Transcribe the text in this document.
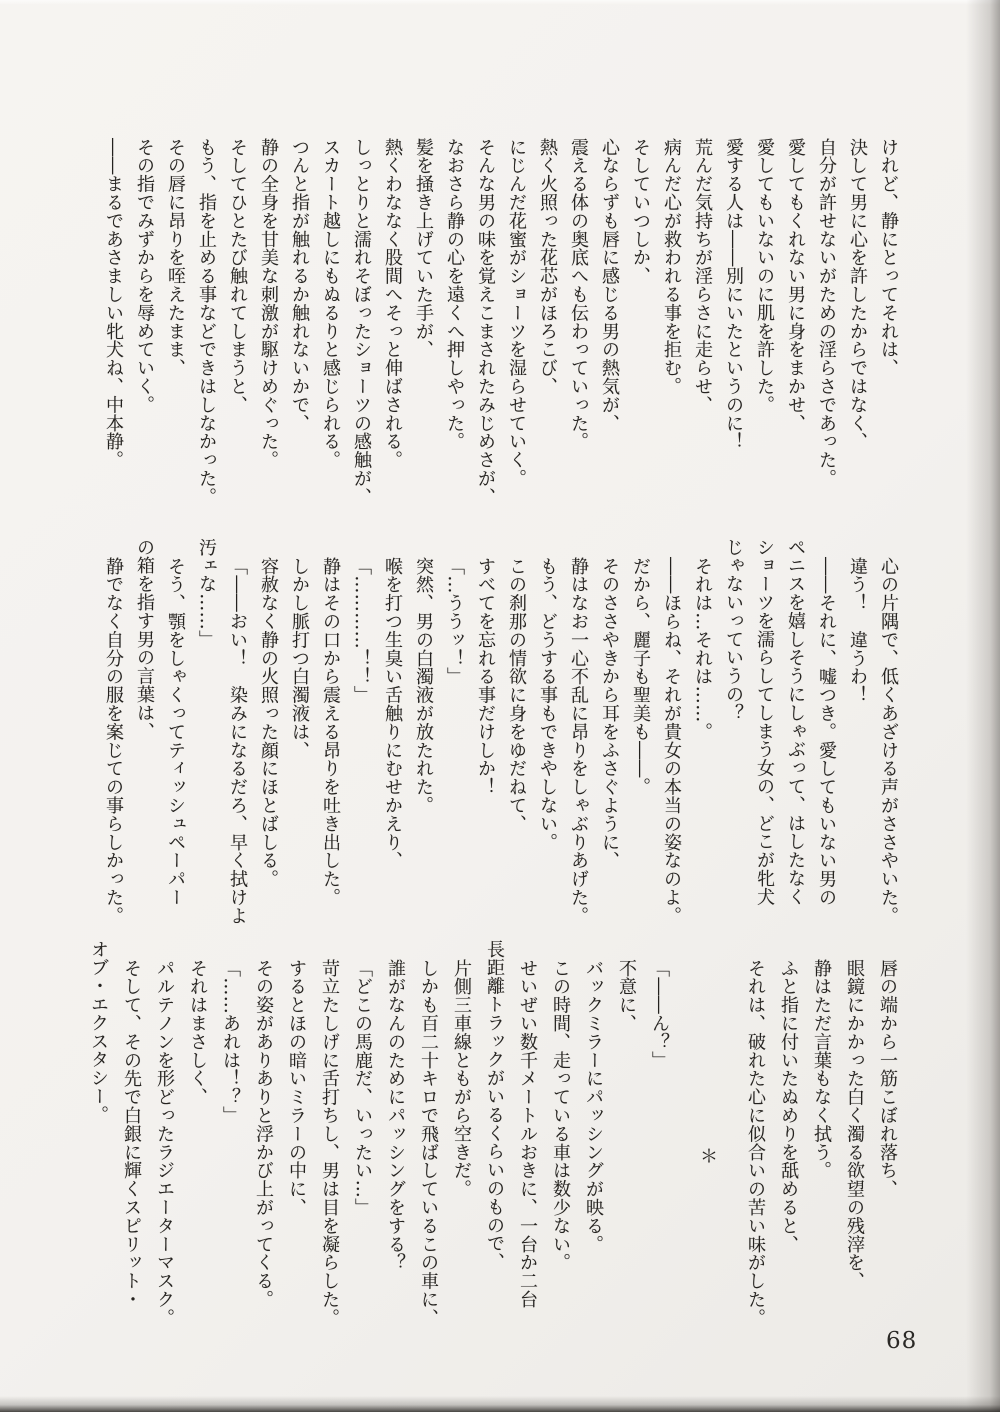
けれど、静にとってそれは、
決して男に心を許したからではなく、
自分が許せないがための淫らさであった。
愛してもくれない男に身をまかせ、
愛してもいないのに肌を許した。
愛する人は――別にいたというのに！
荒んだ気持ちが淫らさに走らせ、
病んだ心が救われる事を拒む。
そしていつしか、
心ならずも唇に感じる男の熱気が、
震える体の奥底へも伝わっていった。
熱く火照った花芯がほろこび、
にじんだ花蜜がショーツを湿らせていく。
そんな男の味を覚えこまされたみじめさが、
なおさら静の心を遠くへ押しやった。
髪を掻き上げていた手が、
熱くわななく股間へそっと伸ばされる。
しっとりと濡れそぼったショーツの感触が、
スカート越しにもぬるりと感じられる。
つんと指が触れるか触れないかで、
静の全身を甘美な刺激が駆けめぐった。
そしてひとたび触れてしまうと、
もう、指を止める事などできはしなかった。
その唇に昂りを咥えたまま、
その指でみずからを辱めていく。
――まるであさましい牝犬ね、中本静。
心の片隅で、低くあざける声がささやいた。
違う！　違うわ！
――それに、嘘つき。愛してもいない男の
ペニスを嬉しそうにしゃぶって、はしたなく
ショーツを濡らしてしまう女の、どこが牝犬
じゃないっていうの？
それは…それは……。
――ほらね、それが貴女の本当の姿なのよ。
だから、麗子も聖美も――。
そのささやきから耳をふさぐように、
静はなお一心不乱に昂りをしゃぶりあげた。
もう、どうする事もできやしない。
この刹那の情欲に身をゆだねて、
すべてを忘れる事だけしか！
「…ううッ！」
突然、男の白濁液が放たれた。
喉を打つ生臭い舌触りにむせかえり、
「…………！！」
静はその口から震える昂りを吐き出した。
しかし脈打つ白濁液は、
容赦なく静の火照った顔にほとばしる。
「――おい！　染みになるだろ、早く拭けよ
汚ェな……」
そう、顎をしゃくってティッシュペーパー
の箱を指す男の言葉は、
静でなく自分の服を案じての事らしかった。
唇の端から一筋こぼれ落ち、
眼鏡にかかった白く濁る欲望の残滓を、
静はただ言葉もなく拭う。
ふと指に付いたぬめりを舐めると、
それは、破れた心に似合いの苦い味がした。
＊
「――ん？」
不意に、
バックミラーにパッシングが映る。
この時間、走っている車は数少ない。
せいぜい数千メートルおきに、一台か二台
長距離トラックがいるくらいのもので、
片側三車線ともがら空きだ。
しかも百二十キロで飛ばしているこの車に、
誰がなんのためにパッシングをする？
「どこの馬鹿だ、いったい…」
苛立たしげに舌打ちし、男は目を凝らした。
するとほの暗いミラーの中に、
その姿がありありと浮かび上がってくる。
「……あれは！？」
それはまさしく、
パルテノンを形どったラジエーターマスク。
そして、その先で白銀に輝くスピリット・
オブ・エクスタシー。
68
